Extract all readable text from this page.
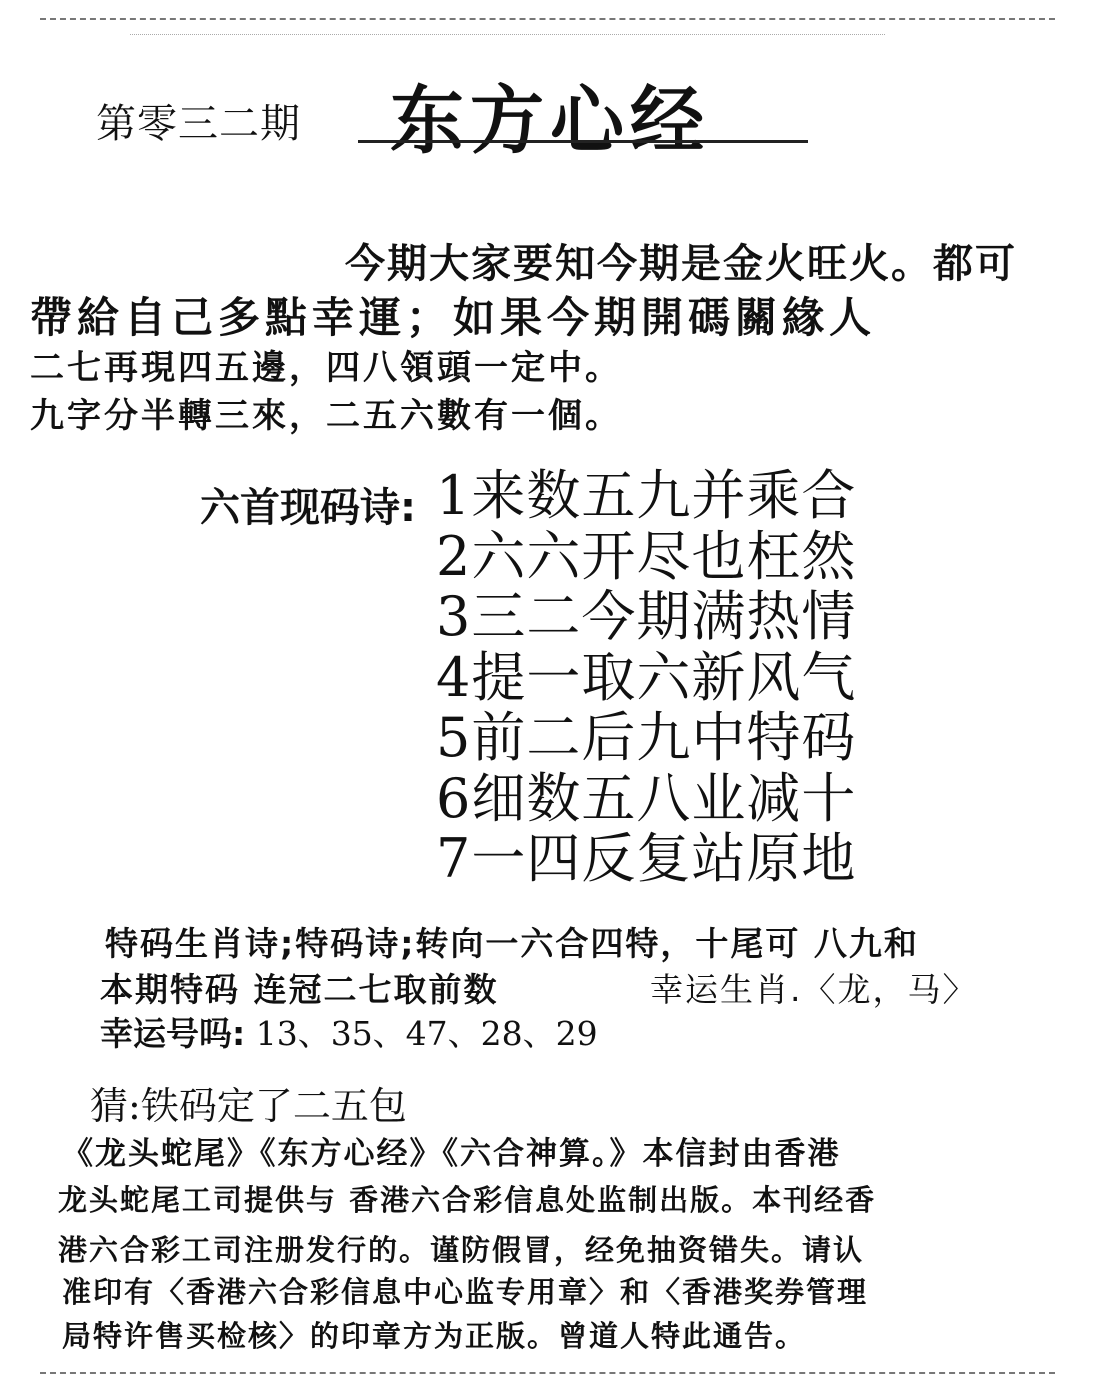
第零三二期 东方心经
今期大家要知今期是金火旺火。都可
帶給自己多點幸運；如果今期開碼關緣人
二七再現四五邊，四八領頭一定中。
九字分半轉三來，二五六數有一個。
六首现码诗: 1来数五九并乘合
2六六开尽也枉然
3三二今期满热情
4提一取六新风气
5前二后九中特码
6细数五八业减十
7一四反复站原地
特码生肖诗;特码诗;转向一六合四特，十尾可 八九和
本期特码 连冠二七取前数	幸运生肖.〈龙，马〉
幸运号吗: 13、35、47、28、29
猜:铁码定了二五包
《龙头蛇尾》《东方心经》《六合神算。》本信封由香港
龙头蛇尾工司提供与 香港六合彩信息处监制出版。本刊经香
港六合彩工司注册发行的。谨防假冒，经免抽资错失。请认
准印有〈香港六合彩信息中心监专用章〉和〈香港奖券管理
局特许售买检核〉的印章方为正版。曾道人特此通告。
